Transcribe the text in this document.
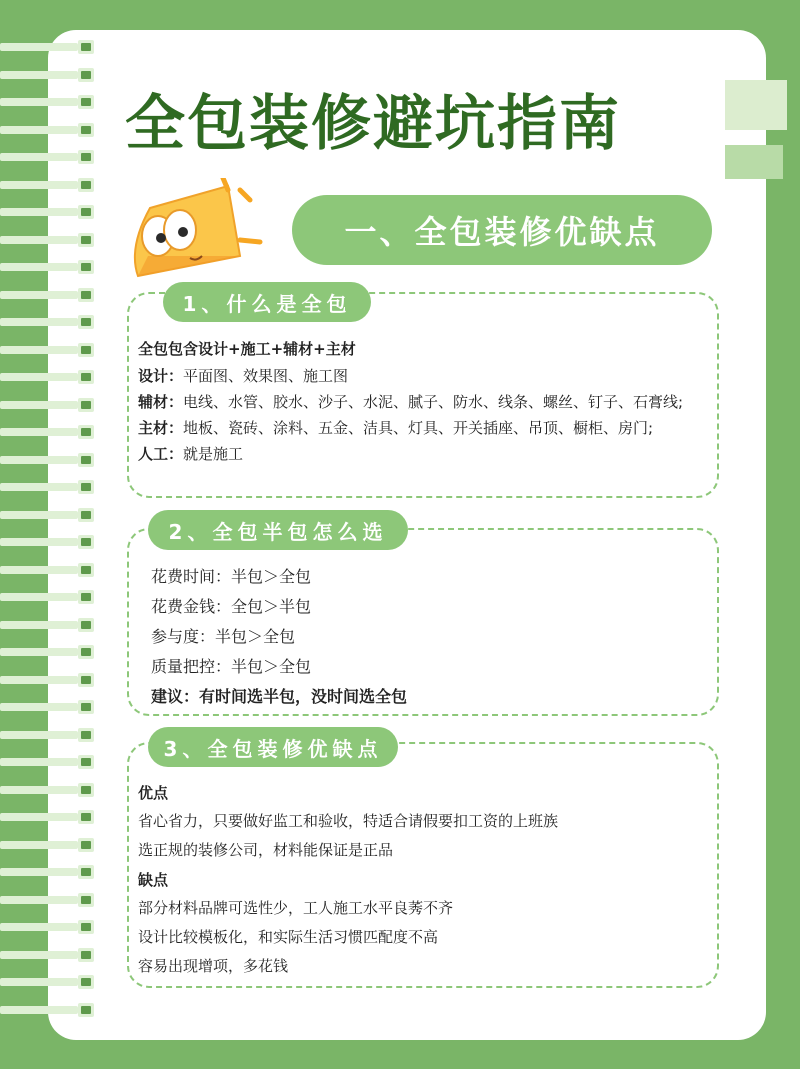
全包装修避坑指南
一、全包装修优缺点
全包包含设计+施工+辅材+主材
设计：平面图、效果图、施工图
辅材：电线、水管、胶水、沙子、水泥、腻子、防水、线条、螺丝、钉子、石膏线;
主材：地板、瓷砖、涂料、五金、洁具、灯具、开关插座、吊顶、橱柜、房门;
人工：就是施工
1、什么是全包
花费时间：半包＞全包
花费金钱：全包＞半包
参与度：半包＞全包
质量把控：半包＞全包
建议：有时间选半包，没时间选全包
2、全包半包怎么选
优点
省心省力，只要做好监工和验收，特适合请假要扣工资的上班族
选正规的装修公司，材料能保证是正品
缺点
部分材料品牌可选性少，工人施工水平良莠不齐
设计比较模板化，和实际生活习惯匹配度不高
容易出现增项，多花钱
3、全包装修优缺点
